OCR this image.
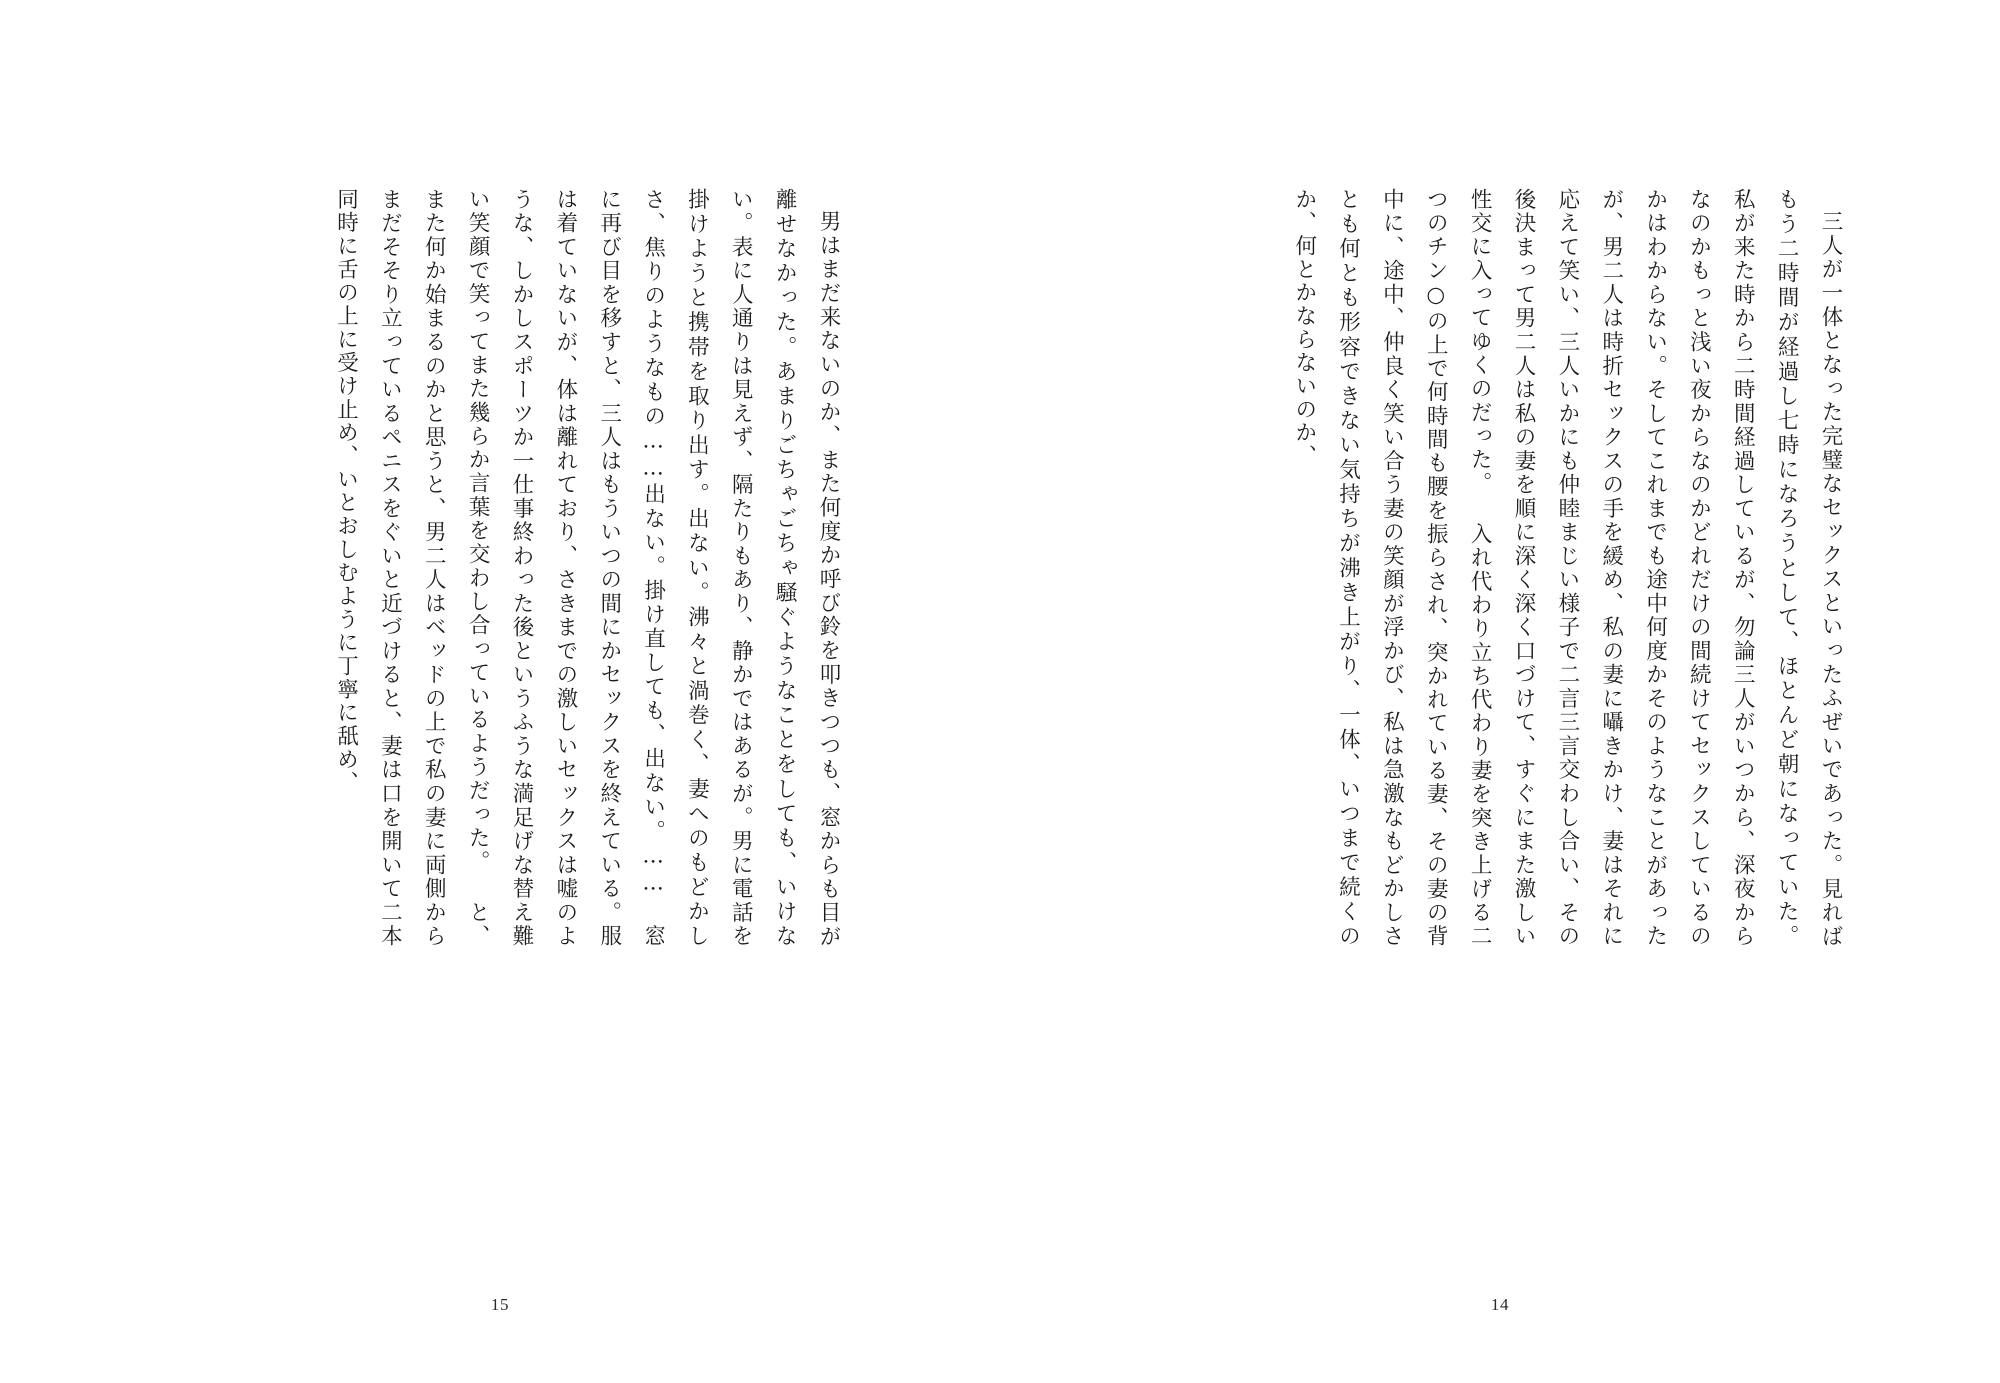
男はまだ来ないのか、また何度か呼び鈴を叩きつつも、窓からも目が離せなかった。あまりごちゃごちゃ騒ぐようなことをしても、いけない。表に人通りは見えず、隔たりもあり、静かではあるが。男に電話を掛けようと携帯を取り出す。出ない。沸々と渦巻く、妻へのもどかしさ、焦りのようなもの……出ない。掛け直しても、出ない。…… 窓に再び目を移すと、三人はもういつの間にかセックスを終えている。服は着ていないが、体は離れており、さきまでの激しいセックスは嘘のような、しかしスポーツか一仕事終わった後というふうな満足げな替え難い笑顔で笑ってまた幾らか言葉を交わし合っているようだった。 と、また何か始まるのかと思うと、男二人はベッドの上で私の妻に両側からまだそそり立っているペニスをぐいと近づけると、妻は口を開いて二本同時に舌の上に受け止め、いとおしむように丁寧に舐め、

15

三人が一体となった完璧なセックスといったふぜいであった。見ればもう二時間が経過し七時になろうとして、ほとんど朝になっていた。 私が来た時から二時間経過しているが、勿論三人がいつから、深夜からなのかもっと浅い夜からなのかどれだけの間続けてセックスしているのかはわからない。そしてこれまでも途中何度かそのようなことがあったが、男二人は時折セックスの手を緩め、私の妻に囁きかけ、妻はそれに応えて笑い、三人いかにも仲睦まじい様子で二言三言交わし合い、その後決まって男二人は私の妻を順に深く深く口づけて、すぐにまた激しい性交に入ってゆくのだった。 入れ代わり立ち代わり妻を突き上げる二つのチン○の上で何時間も腰を振らされ、突かれている妻、その妻の背中に、途中、仲良く笑い合う妻の笑顔が浮かび、私は急激なもどかしさとも何とも形容できない気持ちが沸き上がり、一体、いつまで続くのか、何とかならないのか、

14
